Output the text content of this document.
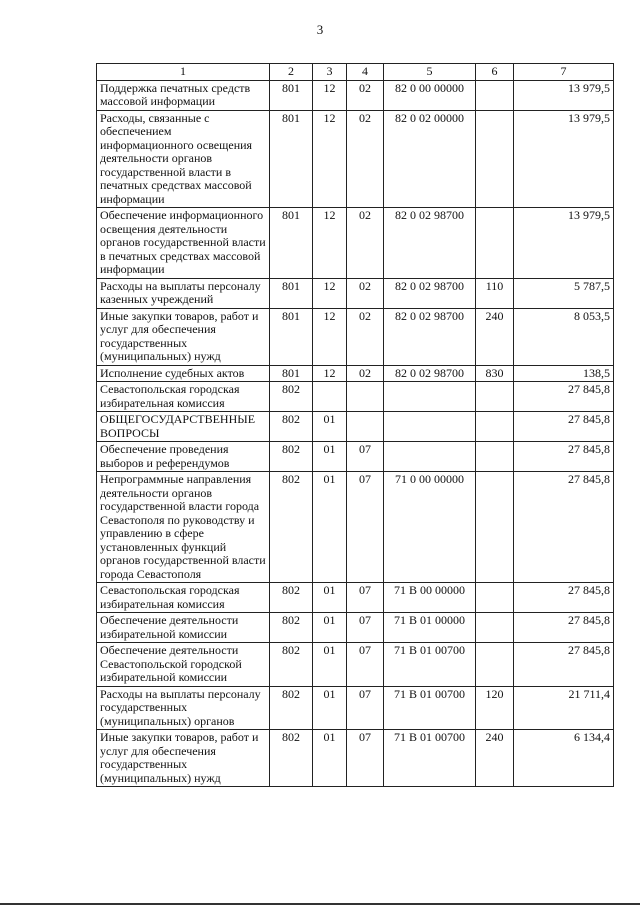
3
1	2	3	4	5	6	7
Поддержка печатных средств массовой информации	801	12	02	82 0 00 00000		13 979,5
Расходы, связанные с обеспечением информационного освещения деятельности органов государственной власти в печатных средствах массовой информации	801	12	02	82 0 02 00000		13 979,5
Обеспечение информационного освещения деятельности органов государственной власти в печатных средствах массовой информации	801	12	02	82 0 02 98700		13 979,5
Расходы на выплаты персоналу казенных учреждений	801	12	02	82 0 02 98700	110	5 787,5
Иные закупки товаров, работ и услуг для обеспечения государственных (муниципальных) нужд	801	12	02	82 0 02 98700	240	8 053,5
Исполнение судебных актов	801	12	02	82 0 02 98700	830	138,5
Севастопольская городская избирательная комиссия	802					27 845,8
ОБЩЕГОСУДАРСТВЕННЫЕ ВОПРОСЫ	802	01				27 845,8
Обеспечение проведения выборов и референдумов	802	01	07			27 845,8
Непрограммные направления деятельности органов государственной власти города Севастополя по руководству и управлению в сфере установленных функций органов государственной власти города Севастополя	802	01	07	71 0 00 00000		27 845,8
Севастопольская городская избирательная комиссия	802	01	07	71 В 00 00000		27 845,8
Обеспечение деятельности избирательной комиссии	802	01	07	71 В 01 00000		27 845,8
Обеспечение деятельности Севастопольской городской избирательной комиссии	802	01	07	71 В 01 00700		27 845,8
Расходы на выплаты персоналу государственных (муниципальных) органов	802	01	07	71 В 01 00700	120	21 711,4
Иные закупки товаров, работ и услуг для обеспечения государственных (муниципальных) нужд	802	01	07	71 В 01 00700	240	6 134,4
